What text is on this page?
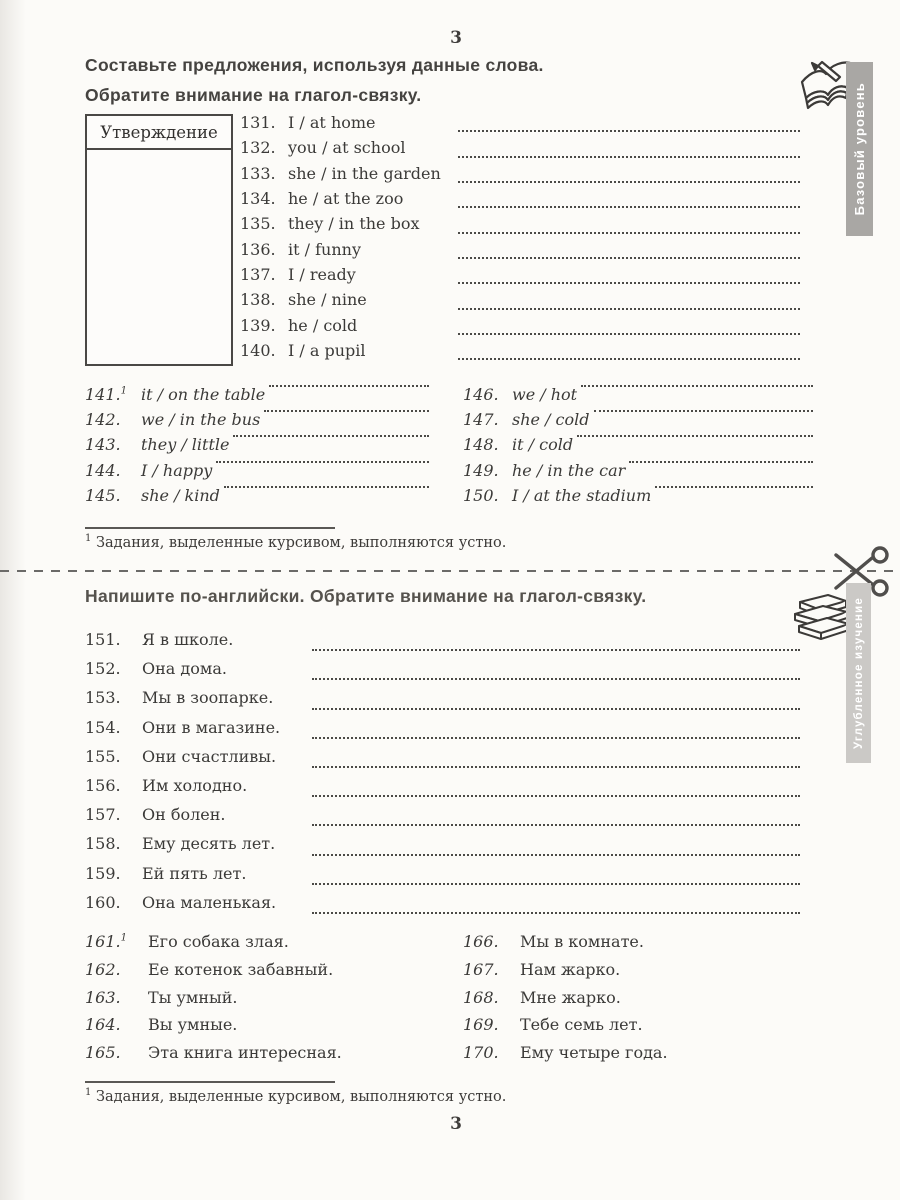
3
Составьте предложения, используя данные слова.
Обратите внимание на глагол-связку.	Базовый уровень
Утверждение	131. I / at home
132. you / at school
133. she / in the garden
134. he / at the zoo
135. they / in the box
136. it / funny
137. I / ready
138. she / nine
139. he / cold
140. I / a pupil
141.$^1$ it / on the table
142.	we / in the bus
143.	they / little
144.	I / happy
145.	she / kind
146. we / hot
147. she / cold
148. it / cold
149. he / in the car
150. I / at the stadium
$^1$ Задания, выделенные курсивом, выполняются устно.
Углубленное изучение
Напишите по-английски. Обратите внимание на глагол-связку.
151.	Я в школе.
152.	Она дома.
153.	Мы в зоопарке.
154.	Они в магазине.
155.	Они счастливы.
156.	Им холодно.
157.	Он болен.
158.	Ему десять лет.
159.	Ей пять лет.
160.	Она маленькая.
161.$^1$	Его собака злая.
162.	Ее котенок забавный.
163.	Ты умный.
164.	Вы умные.
165.	Эта книга интересная.
166.	Мы в комнате.
167.	Нам жарко.
168.	Мне жарко.
169.	Тебе семь лет.
170.	Ему четыре года.
$^1$ Задания, выделенные курсивом, выполняются устно.
3
